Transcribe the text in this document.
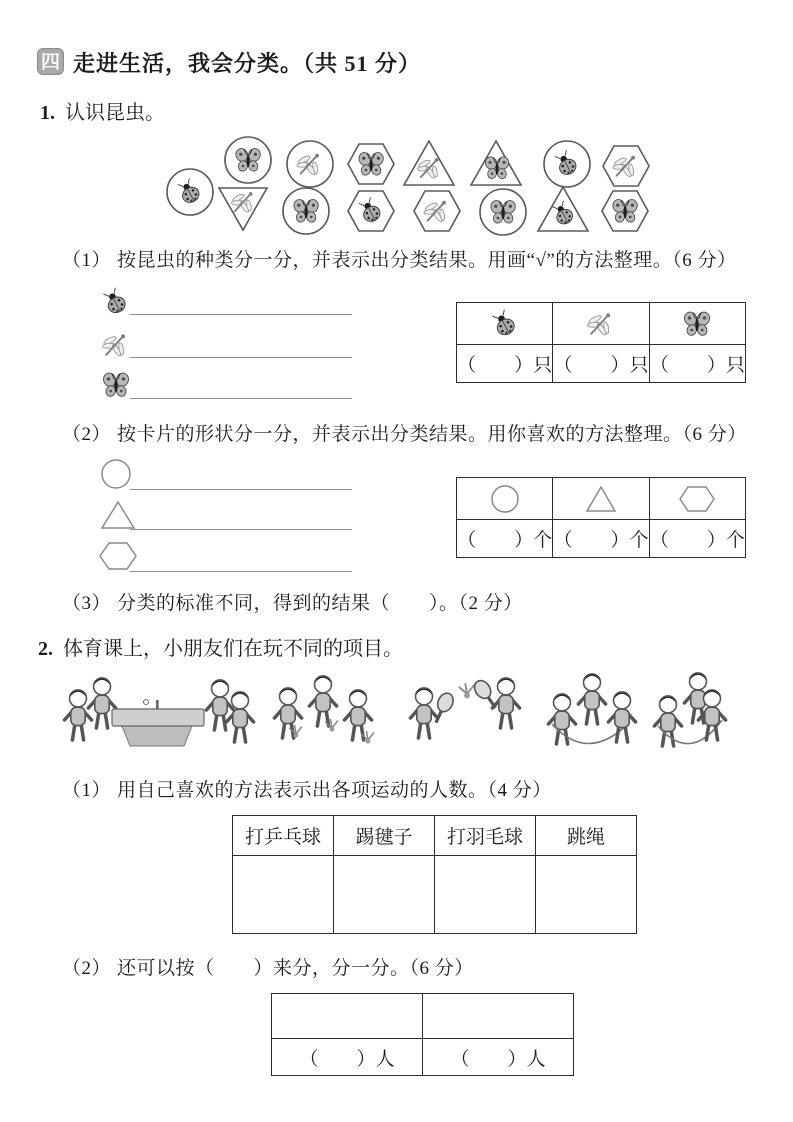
四 走进生活，我会分类。（共 51 分）
1. 认识昆虫。
（1） 按昆虫的种类分一分，并表示出分类结果。用画“√”的方法整理。（6 分）

（　　）只	（　　）只	（　　）只
（2） 按卡片的形状分一分，并表示出分类结果。用你喜欢的方法整理。（6 分）

（　　）个	（　　）个	（　　）个
（3） 分类的标准不同，得到的结果（　　）。（2 分）
2. 体育课上，小朋友们在玩不同的项目。
（1） 用自己喜欢的方法表示出各项运动的人数。（4 分）
打乒乓球	踢毽子	打羽毛球	跳绳

（2） 还可以按（　　）来分，分一分。（6 分）

（　　）人	（　　）人
